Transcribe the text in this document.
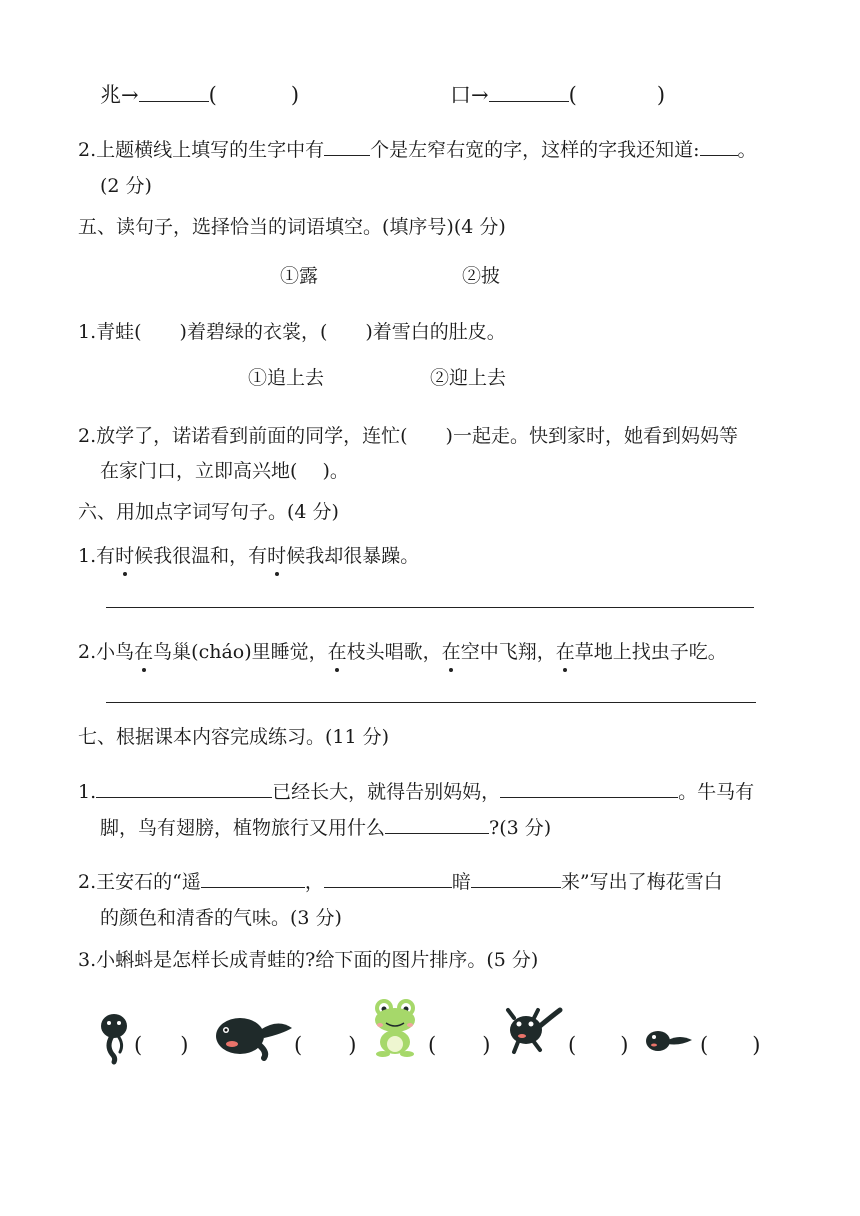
兆→	(	)	口→	(	)
2.上题横线上填写的生字中有 个是左窄右宽的字，这样的字我还知道: 。
(2 分)
五、读句子，选择恰当的词语填空。(填序号)(4 分)
①露	②披
1.青蛙(　　)着碧绿的衣裳，(　　)着雪白的肚皮。
①追上去	②迎上去
2.放学了，诺诺看到前面的同学，连忙(　　)一起走。快到家时，她看到妈妈等
在家门口，立即高兴地(　 )。
六、用加点字词写句子。(4 分)
1.有时候我很温和，有时候我却很暴躁。
2.小鸟在鸟巢(cháo)里睡觉，在枝头唱歌，在空中飞翔，在草地上找虫子吃。
七、根据课本内容完成练习。(11 分)
1.	已经长大，就得告别妈妈，	。牛马有
脚，鸟有翅膀，植物旅行又用什么	?(3 分)
2.王安石的“遥	，	暗	来”写出了梅花雪白
的颜色和清香的气味。(3 分)
3.小蝌蚪是怎样长成青蛙的?给下面的图片排序。(5 分)
( )	( )	( )	( )	( )
